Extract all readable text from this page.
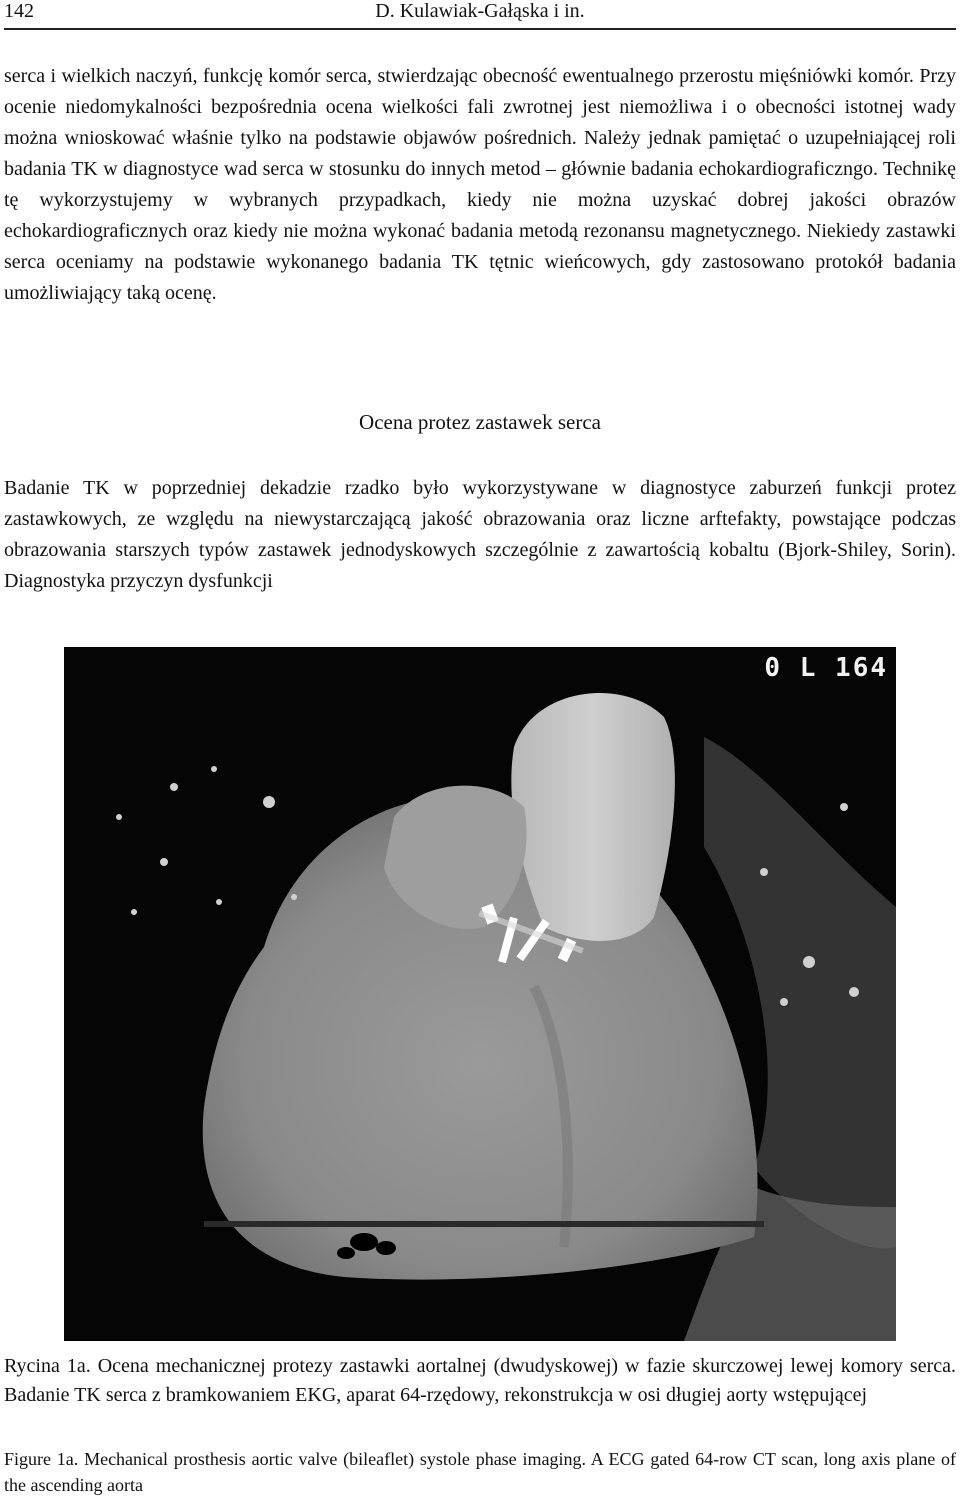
142	D. Kulawiak-Gałąska i in.

serca i wielkich naczyń, funkcję komór serca, stwierdzając obecność ewentualnego przerostu mięśniówki komór. Przy ocenie niedomykalności bezpośrednia ocena wielkości fali zwrotnej jest niemożliwa i o obecności istotnej wady można wnioskować właśnie tylko na podstawie objawów pośrednich. Należy jednak pamiętać o uzupełniającej roli badania TK w diagnostyce wad serca w stosunku do innych metod – głównie badania echokardiograficzngo. Technikę tę wykorzystujemy w wybranych przypadkach, kiedy nie można uzyskać dobrej jakości obrazów echokardiograficznych oraz kiedy nie można wykonać badania metodą rezonansu magnetycznego. Niekiedy zastawki serca oceniamy na podstawie wykonanego badania TK tętnic wieńcowych, gdy zastosowano protokół badania umożliwiający taką ocenę.

Ocena protez zastawek serca

Badanie TK w poprzedniej dekadzie rzadko było wykorzystywane w diagnostyce zaburzeń funkcji protez zastawkowych, ze względu na niewystarczającą jakość obrazowania oraz liczne arftefakty, powstające podczas obrazowania starszych typów zastawek jednodyskowych szczególnie z zawartością kobaltu (Bjork-Shiley, Sorin). Diagnostyka przyczyn dysfunkcji

0 L 164

Rycina 1a. Ocena mechanicznej protezy zastawki aortalnej (dwudyskowej) w fazie skurczowej lewej komory serca. Badanie TK serca z bramkowaniem EKG, aparat 64-rzędowy, rekonstrukcja w osi długiej aorty wstępującej

Figure 1a. Mechanical prosthesis aortic valve (bileaflet) systole phase imaging. A ECG gated 64-row CT scan, long axis plane of the ascending aorta
